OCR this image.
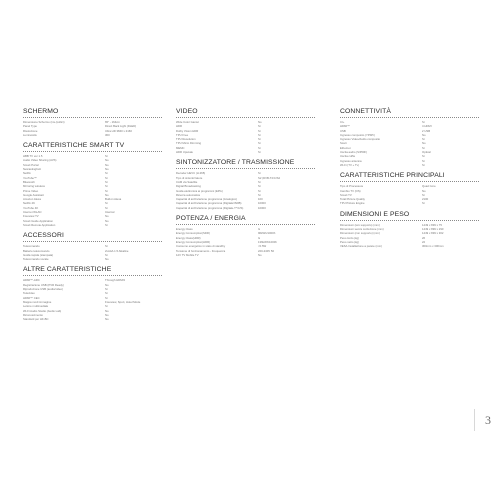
SCHERMO
Dimensione Schermo (ins./pollici)	65" - 164cm
Panel Type	Direct Back Light (DLED)
Risoluzione	Ultra HD 3840 x 2160
Luminosità	300
CARATTERISTICHE SMART TV
HBB TV ver 1.5	Sì
Audio Video Sharing (AVS)	No
Smart Portal	No
Netcastingbutt	No
Netflix	Sì
YouTube™	Sì
Bluetooth	Sì
Mirroring wireless	Sì
Prime Video	Sì
Google Assistant	No
Amazon Alexa	Built-in Alexa
Netflix 4K	Sì
YouTube 4K	Sì
Internet WLAN	Internal
Freeview TV	No
Smart Guide Application	No
Smart Remote Application	Sì
ACCESSORI
Telecomando	Sì
Batterie telecomando	2xAAA 1.5 Alkaline
Guida rapida (stampata)	Sì
Telecomando vocale	No
ALTRE CARATTERISTICHE
HDMI™-ARC	Through HDMI3
Registrazione USB (PVR Ready)	No
Riproduzione USB (audio/video)	Sì
Televideo	Sì
HDMI™ CEC	Sì
Mappa modi immagine	Freeview, Sport, Hotel Mode
Lettore multimediale	Sì
Wi-Fi Audio Studio (Audio Lab)	No
Riconoscimento	No
Standard per HF-BC	No
VIDEO
Wide Color Gamut	No
HDR	Sì
Dolby Vision HDR	Sì
TPU Free	Sì
TPU Resolution	Sì
TPU Micro Dimming	Sì
MEMC	Sì
HDR Upscale	Sì
SINTONIZZATORE / TRASMISSIONE
Decoder HEVC (H.265)	Sì
Tipo di sintonizzatore	S2 (DVB-T2/C/S2
CAM via Satellite	Sì
Digital Broadcasting	Sì
Guida elettronica ai programmi (EPG)	Sì
Ricerca automatica	Sì
Capacità di archiviazione programma (Analogico)	100
Capacità di archiviazione programma (Digitale/ISDB)	10000
Capacità di archiviazione programma (Digitale-T*/C/S)	10000
POTENZA / ENERGIA
Energy Class	G
Energy Consumption(SDR)	96kWh/1000h
Energy Class(HDR)	G
Energy Consumption(HDR)	136kWh/1000h
Consumo energetico in stato di standby	<0.5W
Tensione di funzionamento - Frequenza	220-240V 50
12V TV Mobile TV	No
CONNETTIVITÀ
CI+	Sì
HDMI™	4 HDMI
USB	2 USB
Ingresso composito (YPbPr)	No
Ingresso Video/Audio composito	Sì
Scart	No
Ethernet	Sì
Uscita audio (S/PDIF)	Optical
Uscita cuffie	Sì
Ingresso antenna	Sì
Wi-Fi (TV + Tv)	Sì
CARATTERISTICHE PRINCIPALI
Tipo di Processore	Quad Core
Cambio TV (OS)	No
Smart TV	Sì
Total Picture Quality	2100
TPU Picture Engine	Sì
DIMENSIONI E PESO
Dimensioni (w/o supporto) (mm)	1449 x 839 x 75
Dimensioni senza confezione (mm)	1449 x 899 x 290
Dimensioni (con supporto) (mm)	1449 x 839 x 302
Peso lordo (kg)	26
Peso netto (kg)	22
VESA Installazione a parete (mm)	300mm x 300mm
3
